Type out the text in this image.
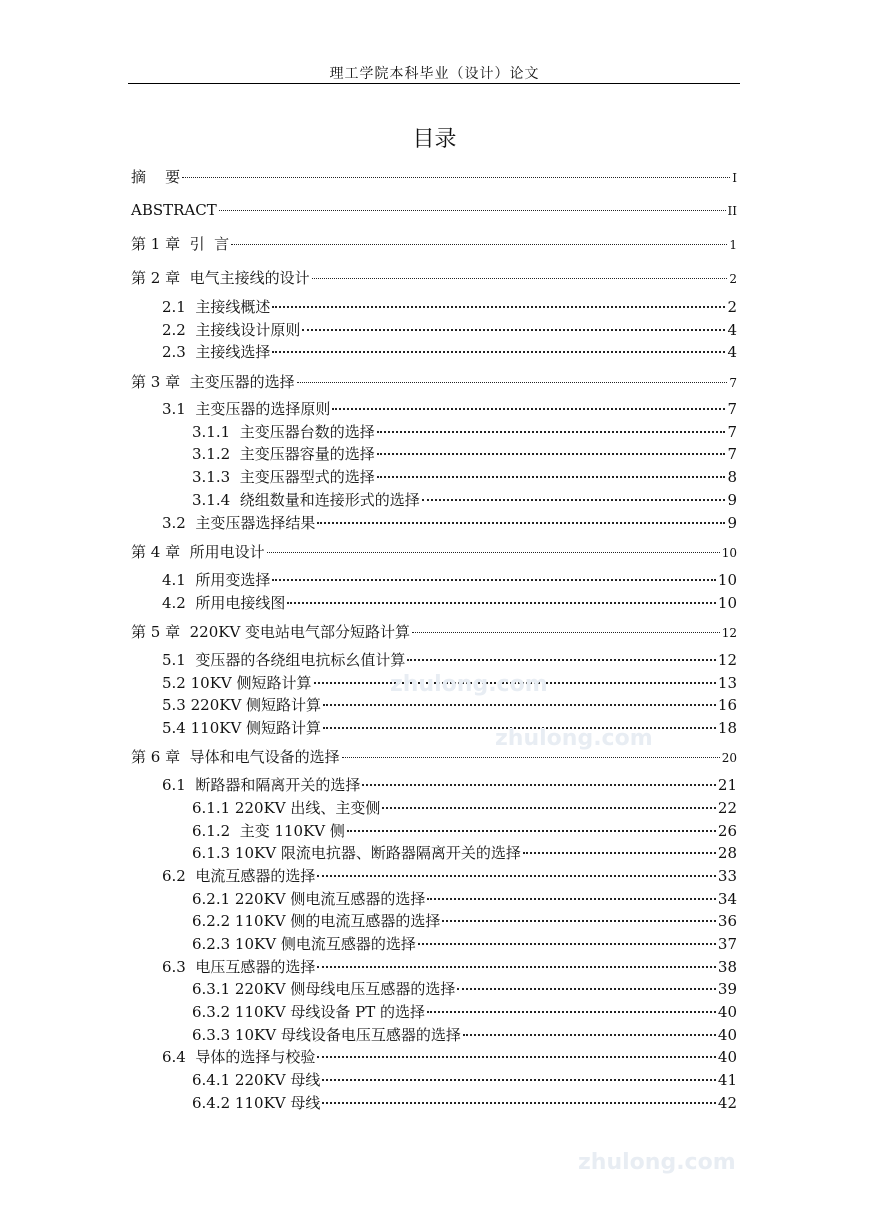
理工学院本科毕业（设计）论文
目录
摘    要	I
ABSTRACT	II
第 1 章  引  言	1
第 2 章  电气主接线的设计	2
2.1  主接线概述	2
2.2  主接线设计原则	4
2.3  主接线选择	4
第 3 章  主变压器的选择	7
3.1  主变压器的选择原则	7
3.1.1  主变压器台数的选择	7
3.1.2  主变压器容量的选择	7
3.1.3  主变压器型式的选择	8
3.1.4  绕组数量和连接形式的选择	9
3.2  主变压器选择结果	9
第 4 章  所用电设计	10
4.1  所用变选择	10
4.2  所用电接线图	10
第 5 章  220KV 变电站电气部分短路计算	12
5.1  变压器的各绕组电抗标幺值计算	12
5.2 10KV 侧短路计算	13
5.3 220KV 侧短路计算	16
5.4 110KV 侧短路计算	18
第 6 章  导体和电气设备的选择	20
6.1  断路器和隔离开关的选择	21
6.1.1 220KV 出线、主变侧	22
6.1.2  主变 110KV 侧	26
6.1.3 10KV 限流电抗器、断路器隔离开关的选择	28
6.2  电流互感器的选择	33
6.2.1 220KV 侧电流互感器的选择	34
6.2.2 110KV 侧的电流互感器的选择	36
6.2.3 10KV 侧电流互感器的选择	37
6.3  电压互感器的选择	38
6.3.1 220KV 侧母线电压互感器的选择	39
6.3.2 110KV 母线设备 PT 的选择	40
6.3.3 10KV 母线设备电压互感器的选择	40
6.4  导体的选择与校验	40
6.4.1 220KV 母线	41
6.4.2 110KV 母线	42
zhulong.com
zhulong.com
zhulong.com
